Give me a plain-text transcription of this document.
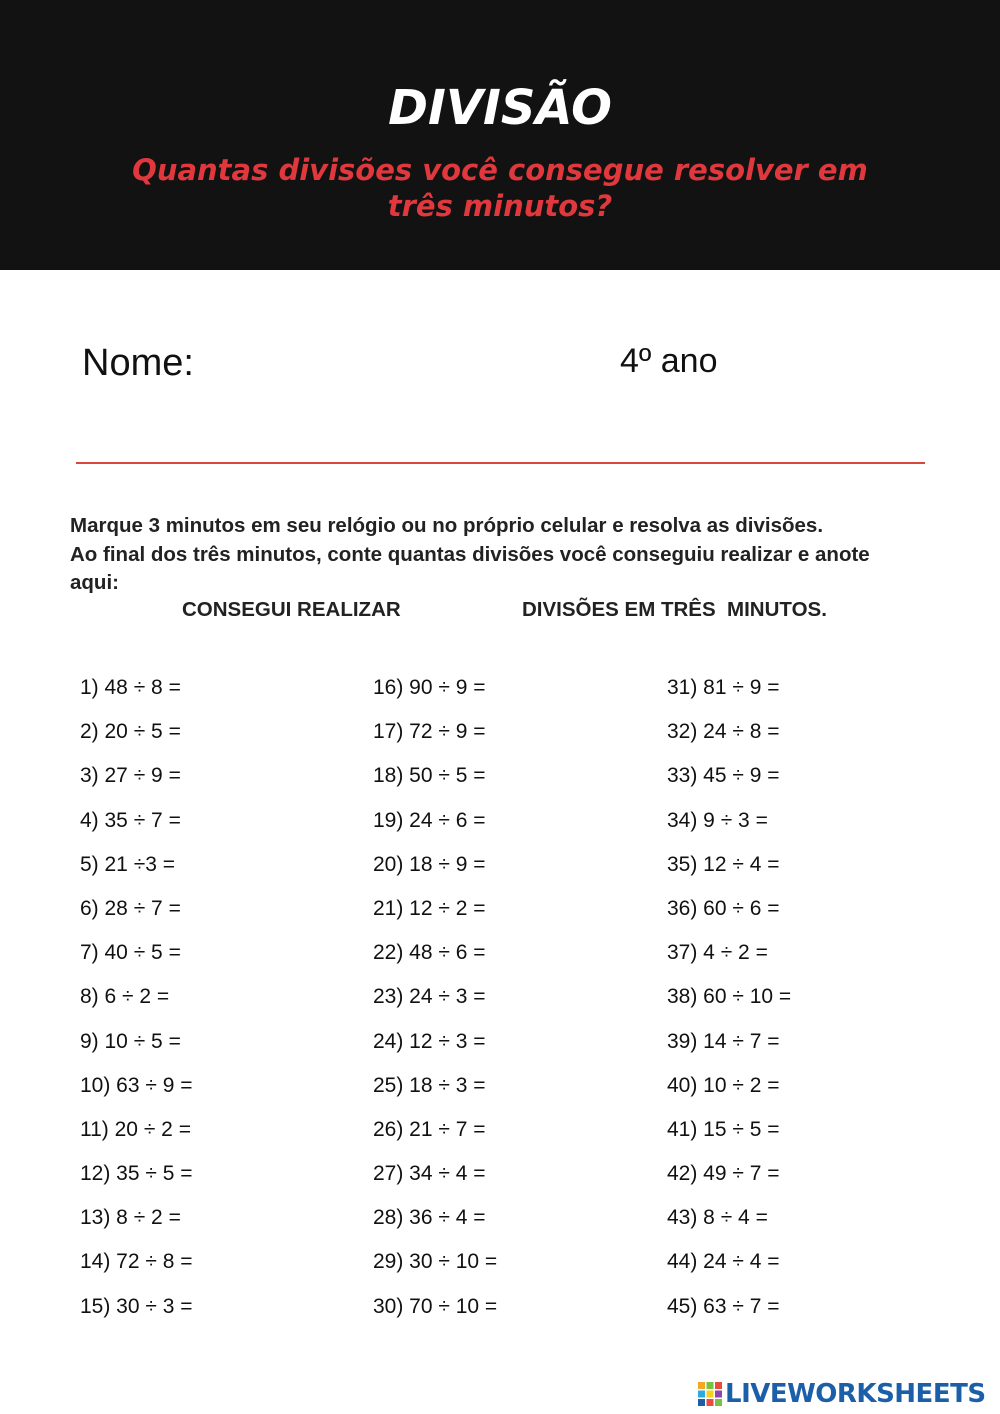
DIVISÃO
Quantas divisões você consegue resolver em três minutos?
Nome:	4º ano
Marque 3 minutos em seu relógio ou no próprio celular e resolva as divisões.
Ao final dos três minutos, conte quantas divisões você conseguiu realizar e anote
aqui:
CONSEGUI REALIZAR	DIVISÕES EM TRÊS  MINUTOS.
1) 48 ÷ 8 =
2) 20 ÷ 5 =
3) 27 ÷ 9 =
4) 35 ÷ 7 =
5) 21 ÷3 =
6) 28 ÷ 7 =
7) 40 ÷ 5 =
8) 6 ÷ 2 =
9) 10 ÷ 5 =
10) 63 ÷ 9 =
11) 20 ÷ 2 =
12) 35 ÷ 5 =
13) 8 ÷ 2 =
14) 72 ÷ 8 =
15) 30 ÷ 3 =
16) 90 ÷ 9 =
17) 72 ÷ 9 =
18) 50 ÷ 5 =
19) 24 ÷ 6 =
20) 18 ÷ 9 =
21) 12 ÷ 2 =
22) 48 ÷ 6 =
23) 24 ÷ 3 =
24) 12 ÷ 3 =
25) 18 ÷ 3 =
26) 21 ÷ 7 =
27) 34 ÷ 4 =
28) 36 ÷ 4 =
29) 30 ÷ 10 =
30) 70 ÷ 10 =
31) 81 ÷ 9 =
32) 24 ÷ 8 =
33) 45 ÷ 9 =
34) 9 ÷ 3 =
35) 12 ÷ 4 =
36) 60 ÷ 6 =
37) 4 ÷ 2 =
38) 60 ÷ 10 =
39) 14 ÷ 7 =
40) 10 ÷ 2 =
41) 15 ÷ 5 =
42) 49 ÷ 7 =
43) 8 ÷ 4 =
44) 24 ÷ 4 =
45) 63 ÷ 7 =
LIVEWORKSHEETS
